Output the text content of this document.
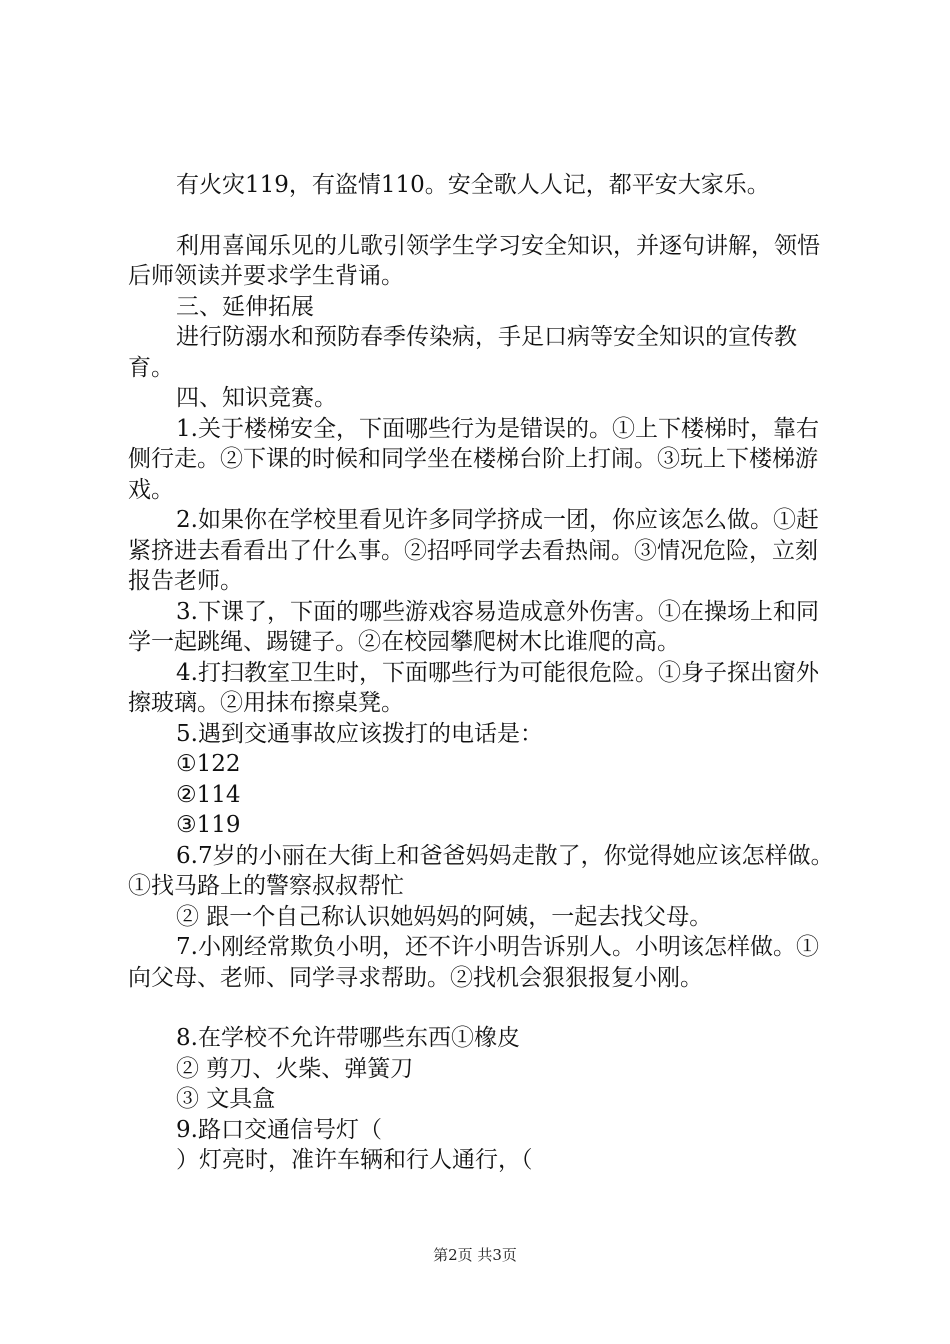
有火灾119，有盗情110。安全歌人人记，都平安大家乐。

利用喜闻乐见的儿歌引领学生学习安全知识，并逐句讲解，领悟后师领读并要求学生背诵。

三、延伸拓展

进行防溺水和预防春季传染病，手足口病等安全知识的宣传教育。

四、知识竞赛。

1.关于楼梯安全，下面哪些行为是错误的。①上下楼梯时，靠右侧行走。②下课的时候和同学坐在楼梯台阶上打闹。③玩上下楼梯游戏。

2.如果你在学校里看见许多同学挤成一团，你应该怎么做。①赶紧挤进去看看出了什么事。②招呼同学去看热闹。③情况危险，立刻报告老师。

3.下课了，下面的哪些游戏容易造成意外伤害。①在操场上和同学一起跳绳、踢键子。②在校园攀爬树木比谁爬的高。

4.打扫教室卫生时，下面哪些行为可能很危险。①身子探出窗外擦玻璃。②用抹布擦桌凳。

5.遇到交通事故应该拨打的电话是：

①122

②114

③119

6.7岁的小丽在大街上和爸爸妈妈走散了，你觉得她应该怎样做。①找马路上的警察叔叔帮忙

② 跟一个自己称认识她妈妈的阿姨，一起去找父母。

7.小刚经常欺负小明，还不许小明告诉别人。小明该怎样做。①向父母、老师、同学寻求帮助。②找机会狠狠报复小刚。

8.在学校不允许带哪些东西①橡皮

② 剪刀、火柴、弹簧刀

③ 文具盒

9.路口交通信号灯（

）灯亮时，准许车辆和行人通行，（

第2页 共3页
